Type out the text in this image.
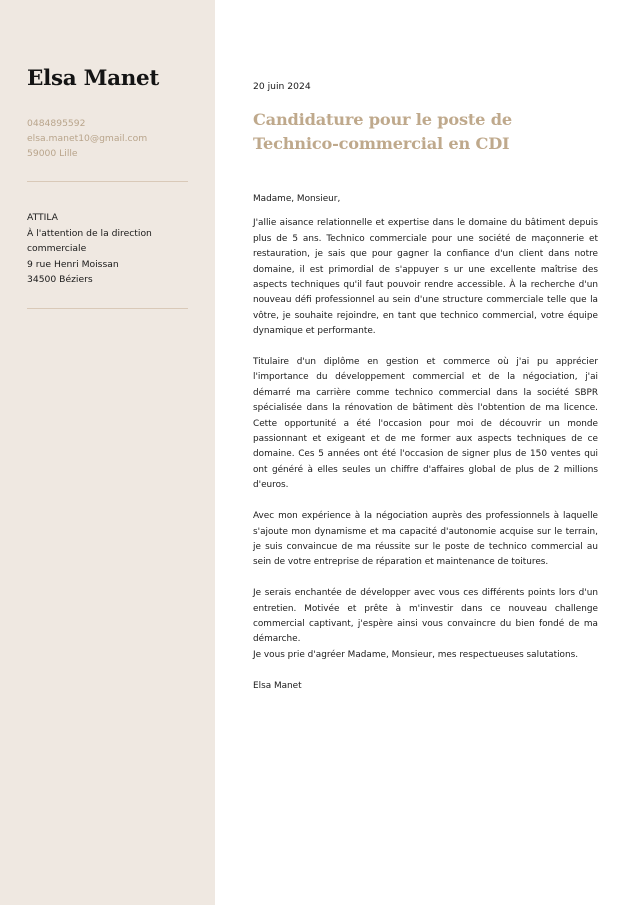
Elsa Manet
0484895592
elsa.manet10@gmail.com
59000 Lille
ATTILA
À l'attention de la direction
commerciale
9 rue Henri Moissan
34500 Béziers
20 juin 2024
Candidature pour le poste de
Technico-commercial en CDI

Madame, Monsieur,

J'allie aisance relationnelle et expertise dans le domaine du bâtiment depuis plus de 5 ans. Technico commerciale pour une société de maçonnerie et restauration, je sais que pour gagner la confiance d'un client dans notre domaine, il est primordial de s'appuyer s ur une excellente maîtrise des aspects techniques qu'il faut pouvoir rendre accessible. À la recherche d'un nouveau défi professionnel au sein d'une structure commerciale telle que la vôtre, je souhaite rejoindre, en tant que technico commercial, votre équipe dynamique et performante.

Titulaire d'un diplôme en gestion et commerce où j'ai pu apprécier l'importance du développement commercial et de la négociation, j'ai démarré ma carrière comme technico commercial dans la société SBPR spécialisée dans la rénovation de bâtiment dès l'obtention de ma licence. Cette opportunité a été l'occasion pour moi de découvrir un monde passionnant et exigeant et de me former aux aspects techniques de ce domaine. Ces 5 années ont été l'occasion de signer plus de 150 ventes qui ont généré à elles seules un chiffre d'affaires global de plus de 2 millions d'euros.

Avec mon expérience à la négociation auprès des professionnels à laquelle s'ajoute mon dynamisme et ma capacité d'autonomie acquise sur le terrain, je suis convaincue de ma réussite sur le poste de technico commercial au sein de votre entreprise de réparation et maintenance de toitures.

Je serais enchantée de développer avec vous ces différents points lors d'un entretien. Motivée et prête à m'investir dans ce nouveau challenge commercial captivant, j'espère ainsi vous convaincre du bien fondé de ma démarche.

Je vous prie d'agréer Madame, Monsieur, mes respectueuses salutations.

Elsa Manet
